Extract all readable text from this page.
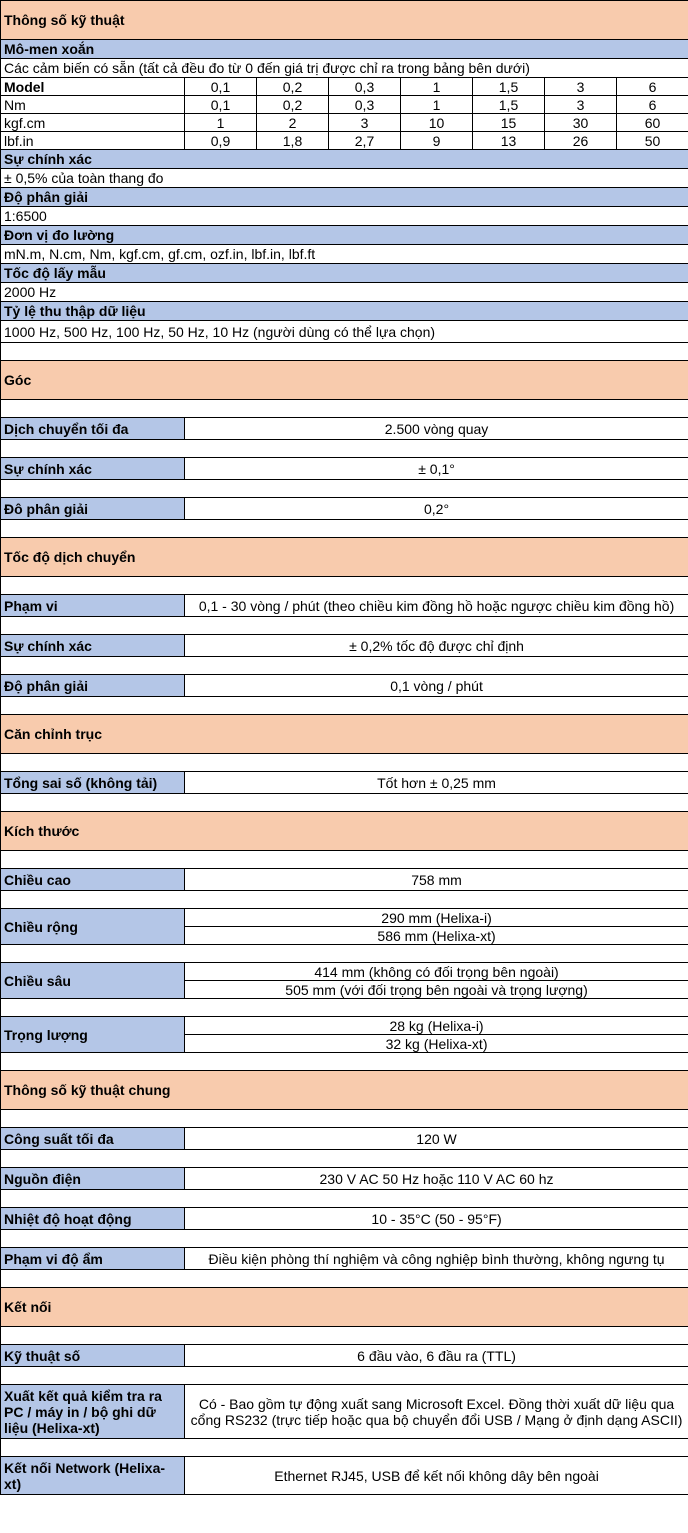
Thông số kỹ thuật							
Mô-men xoắn							
Các cảm biến có sẵn (tất cả đều đo từ 0 đến giá trị được chỉ ra trong bảng bên dưới)							
Model	0,1	0,2	0,3	1	1,5	3	6
Nm	0,1	0,2	0,3	1	1,5	3	6
kgf.cm	1	2	3	10	15	30	60
lbf.in	0,9	1,8	2,7	9	13	26	50
Sự chính xác							
± 0,5% của toàn thang đo							
Độ phân giải							
1:6500							
Đơn vị đo lường							
mN.m, N.cm, Nm, kgf.cm, gf.cm, ozf.in, lbf.in, lbf.ft							
Tốc độ lấy mẫu							
2000 Hz							
Tỷ lệ thu thập dữ liệu							
1000 Hz, 500 Hz, 100 Hz, 50 Hz, 10 Hz (người dùng có thể lựa chọn)							

Góc							

Dịch chuyển tối đa	2.500 vòng quay						

Sự chính xác	± 0,1°						

Đô phân giải	0,2°						

Tốc độ dịch chuyển							

Phạm vi	0,1 - 30 vòng / phút (theo chiều kim đồng hồ hoặc ngược chiều kim đồng hồ)						

Sự chính xác	± 0,2% tốc độ được chỉ định						

Độ phân giải	0,1 vòng / phút						

Căn chỉnh trục							

Tổng sai số (không tải)	Tốt hơn ± 0,25 mm						

Kích thước							

Chiều cao	758 mm						

Chiều rộng	290 mm (Helixa-i)						
	586 mm (Helixa-xt)						

Chiều sâu	414 mm (không có đối trọng bên ngoài)						
	505 mm (với đối trọng bên ngoài và trọng lượng)						

Trọng lượng	28 kg (Helixa-i)						
	32 kg (Helixa-xt)						

Thông số kỹ thuật chung							

Công suất tối đa	120 W						

Nguồn điện	230 V AC 50 Hz hoặc 110 V AC 60 hz						

Nhiệt độ hoạt động	10 - 35°C (50 - 95°F)						

Phạm vi độ ẩm	Điều kiện phòng thí nghiệm và công nghiệp bình thường, không ngưng tụ						

Kết nối							

Kỹ thuật số	6 đầu vào, 6 đầu ra (TTL)						

Xuất kết quả kiểm tra ra PC / máy in / bộ ghi dữ liệu (Helixa-xt)	Có - Bao gồm tự động xuất sang Microsoft Excel. Đồng thời xuất dữ liệu qua cổng RS232 (trực tiếp hoặc qua bộ chuyển đổi USB / Mạng ở định dạng ASCII)						

Kết nối Network (Helixa-xt)	Ethernet RJ45, USB để kết nối không dây bên ngoài						
